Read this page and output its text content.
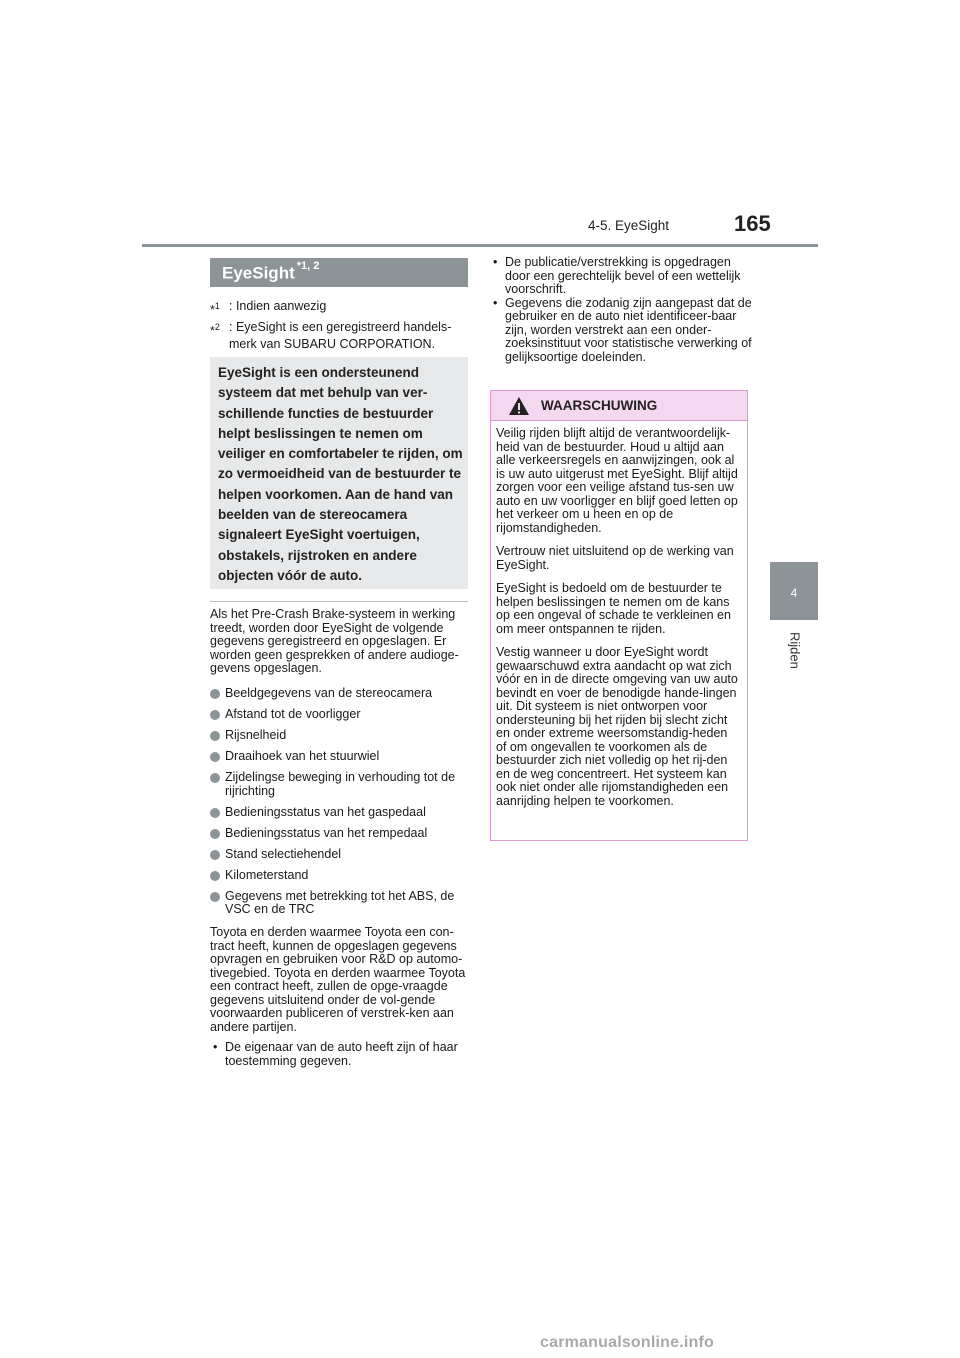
4-5. EyeSight	165
4
Rijden
EyeSight $^{*1, 2}$
*$^1$ : Indien aanwezig
*$^2$ : EyeSight is een geregistreerd handels-merk van SUBARU CORPORATION.
EyeSight is een ondersteunend systeem dat met behulp van ver-schillende functies de bestuurder helpt beslissingen te nemen om veiliger en comfortabeler te rijden, om zo vermoeidheid van de bestuurder te helpen voorkomen. Aan de hand van beelden van de stereocamera signaleert EyeSight voertuigen, obstakels, rijstroken en andere objecten vóór de auto.
Als het Pre-Crash Brake-systeem in werking treedt, worden door EyeSight de volgende gegevens geregistreerd en opgeslagen. Er worden geen gesprekken of andere audioge-gevens opgeslagen.
Beeldgegevens van de stereocamera
Afstand tot de voorligger
Rijsnelheid
Draaihoek van het stuurwiel
Zijdelingse beweging in verhouding tot de rijrichting
Bedieningsstatus van het gaspedaal
Bedieningsstatus van het rempedaal
Stand selectiehendel
Kilometerstand
Gegevens met betrekking tot het ABS, de VSC en de TRC
Toyota en derden waarmee Toyota een con-tract heeft, kunnen de opgeslagen gegevens opvragen en gebruiken voor R&D op automo-tivegebied. Toyota en derden waarmee Toyota een contract heeft, zullen de opge-vraagde gegevens uitsluitend onder de vol-gende voorwaarden publiceren of verstrek-ken aan andere partijen.
• De eigenaar van de auto heeft zijn of haar toestemming gegeven.
• De publicatie/verstrekking is opgedragen door een gerechtelijk bevel of een wettelijk voorschrift.
• Gegevens die zodanig zijn aangepast dat de gebruiker en de auto niet identificeer-baar zijn, worden verstrekt aan een onder-zoeksinstituut voor statistische verwerking of gelijksoortige doeleinden.
WAARSCHUWING

Veilig rijden blijft altijd de verantwoordelijk-heid van de bestuurder. Houd u altijd aan alle verkeersregels en aanwijzingen, ook al is uw auto uitgerust met EyeSight. Blijf altijd zorgen voor een veilige afstand tus-sen uw auto en uw voorligger en blijf goed letten op het verkeer om u heen en op de rijomstandigheden.

Vertrouw niet uitsluitend op de werking van EyeSight.

EyeSight is bedoeld om de bestuurder te helpen beslissingen te nemen om de kans op een ongeval of schade te verkleinen en om meer ontspannen te rijden.

Vestig wanneer u door EyeSight wordt gewaarschuwd extra aandacht op wat zich vóór en in de directe omgeving van uw auto bevindt en voer de benodigde hande-lingen uit. Dit systeem is niet ontworpen voor ondersteuning bij het rijden bij slecht zicht en onder extreme weersomstandig-heden of om ongevallen te voorkomen als de bestuurder zich niet volledig op het rij-den en de weg concentreert. Het systeem kan ook niet onder alle rijomstandigheden een aanrijding helpen te voorkomen.

carmanualsonline.info
